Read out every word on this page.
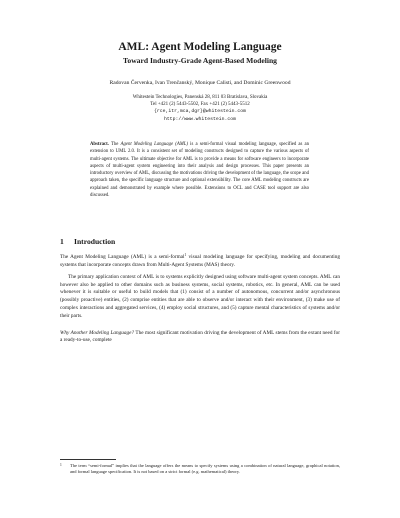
AML: Agent Modeling Language
Toward Industry-Grade Agent-Based Modeling
Radovan Červenka, Ivan Trenčanský, Monique Calisti, and Dominic Greenwood
Whitestein Technologies, Panenská 28, 811 03 Bratislava, Slovakia
Tel +421 (2) 5443-5502, Fax +421 (2) 5443-5512
{rce,itr,mca,dgr}@whitestein.com
http://www.whitestein.com
Abstract. The Agent Modeling Language (AML) is a semi-formal visual modeling language, specified as an extension to UML 2.0. It is a consistent set of modeling constructs designed to capture the various aspects of multi-agent systems. The ultimate objective for AML is to provide a means for software engineers to incorporate aspects of multi-agent system engineering into their analysis and design processes. This paper presents an introductory overview of AML, discussing the motivations driving the development of the language, the scope and approach taken, the specific language structure and optional extensibility. The core AML modeling constructs are explained and demonstrated by example where possible. Extensions to OCL and CASE tool support are also discussed.
1 Introduction

The Agent Modeling Language (AML) is a semi-formal$^1$ visual modeling language for specifying, modeling and documenting systems that incorporate concepts drawn from Multi-Agent Systems (MAS) theory.

The primary application context of AML is to systems explicitly designed using software multi-agent system concepts. AML can however also be applied to other domains such as business systems, social systems, robotics, etc. In general, AML can be used whenever it is suitable or useful to build models that (1) consist of a number of autonomous, concurrent and/or asynchronous (possibly proactive) entities, (2) comprise entities that are able to observe and/or interact with their environment, (3) make use of complex interactions and aggregated services, (4) employ social structures, and (5) capture mental characteristics of systems and/or their parts.

Why Another Modeling Language? The most significant motivation driving the development of AML stems from the extant need for a ready-to-use, complete

1 The term “semi-formal” implies that the language offers the means to specify systems using a combination of natural language, graphical notation, and formal language specification. It is not based on a strict formal (e.g. mathematical) theory.
